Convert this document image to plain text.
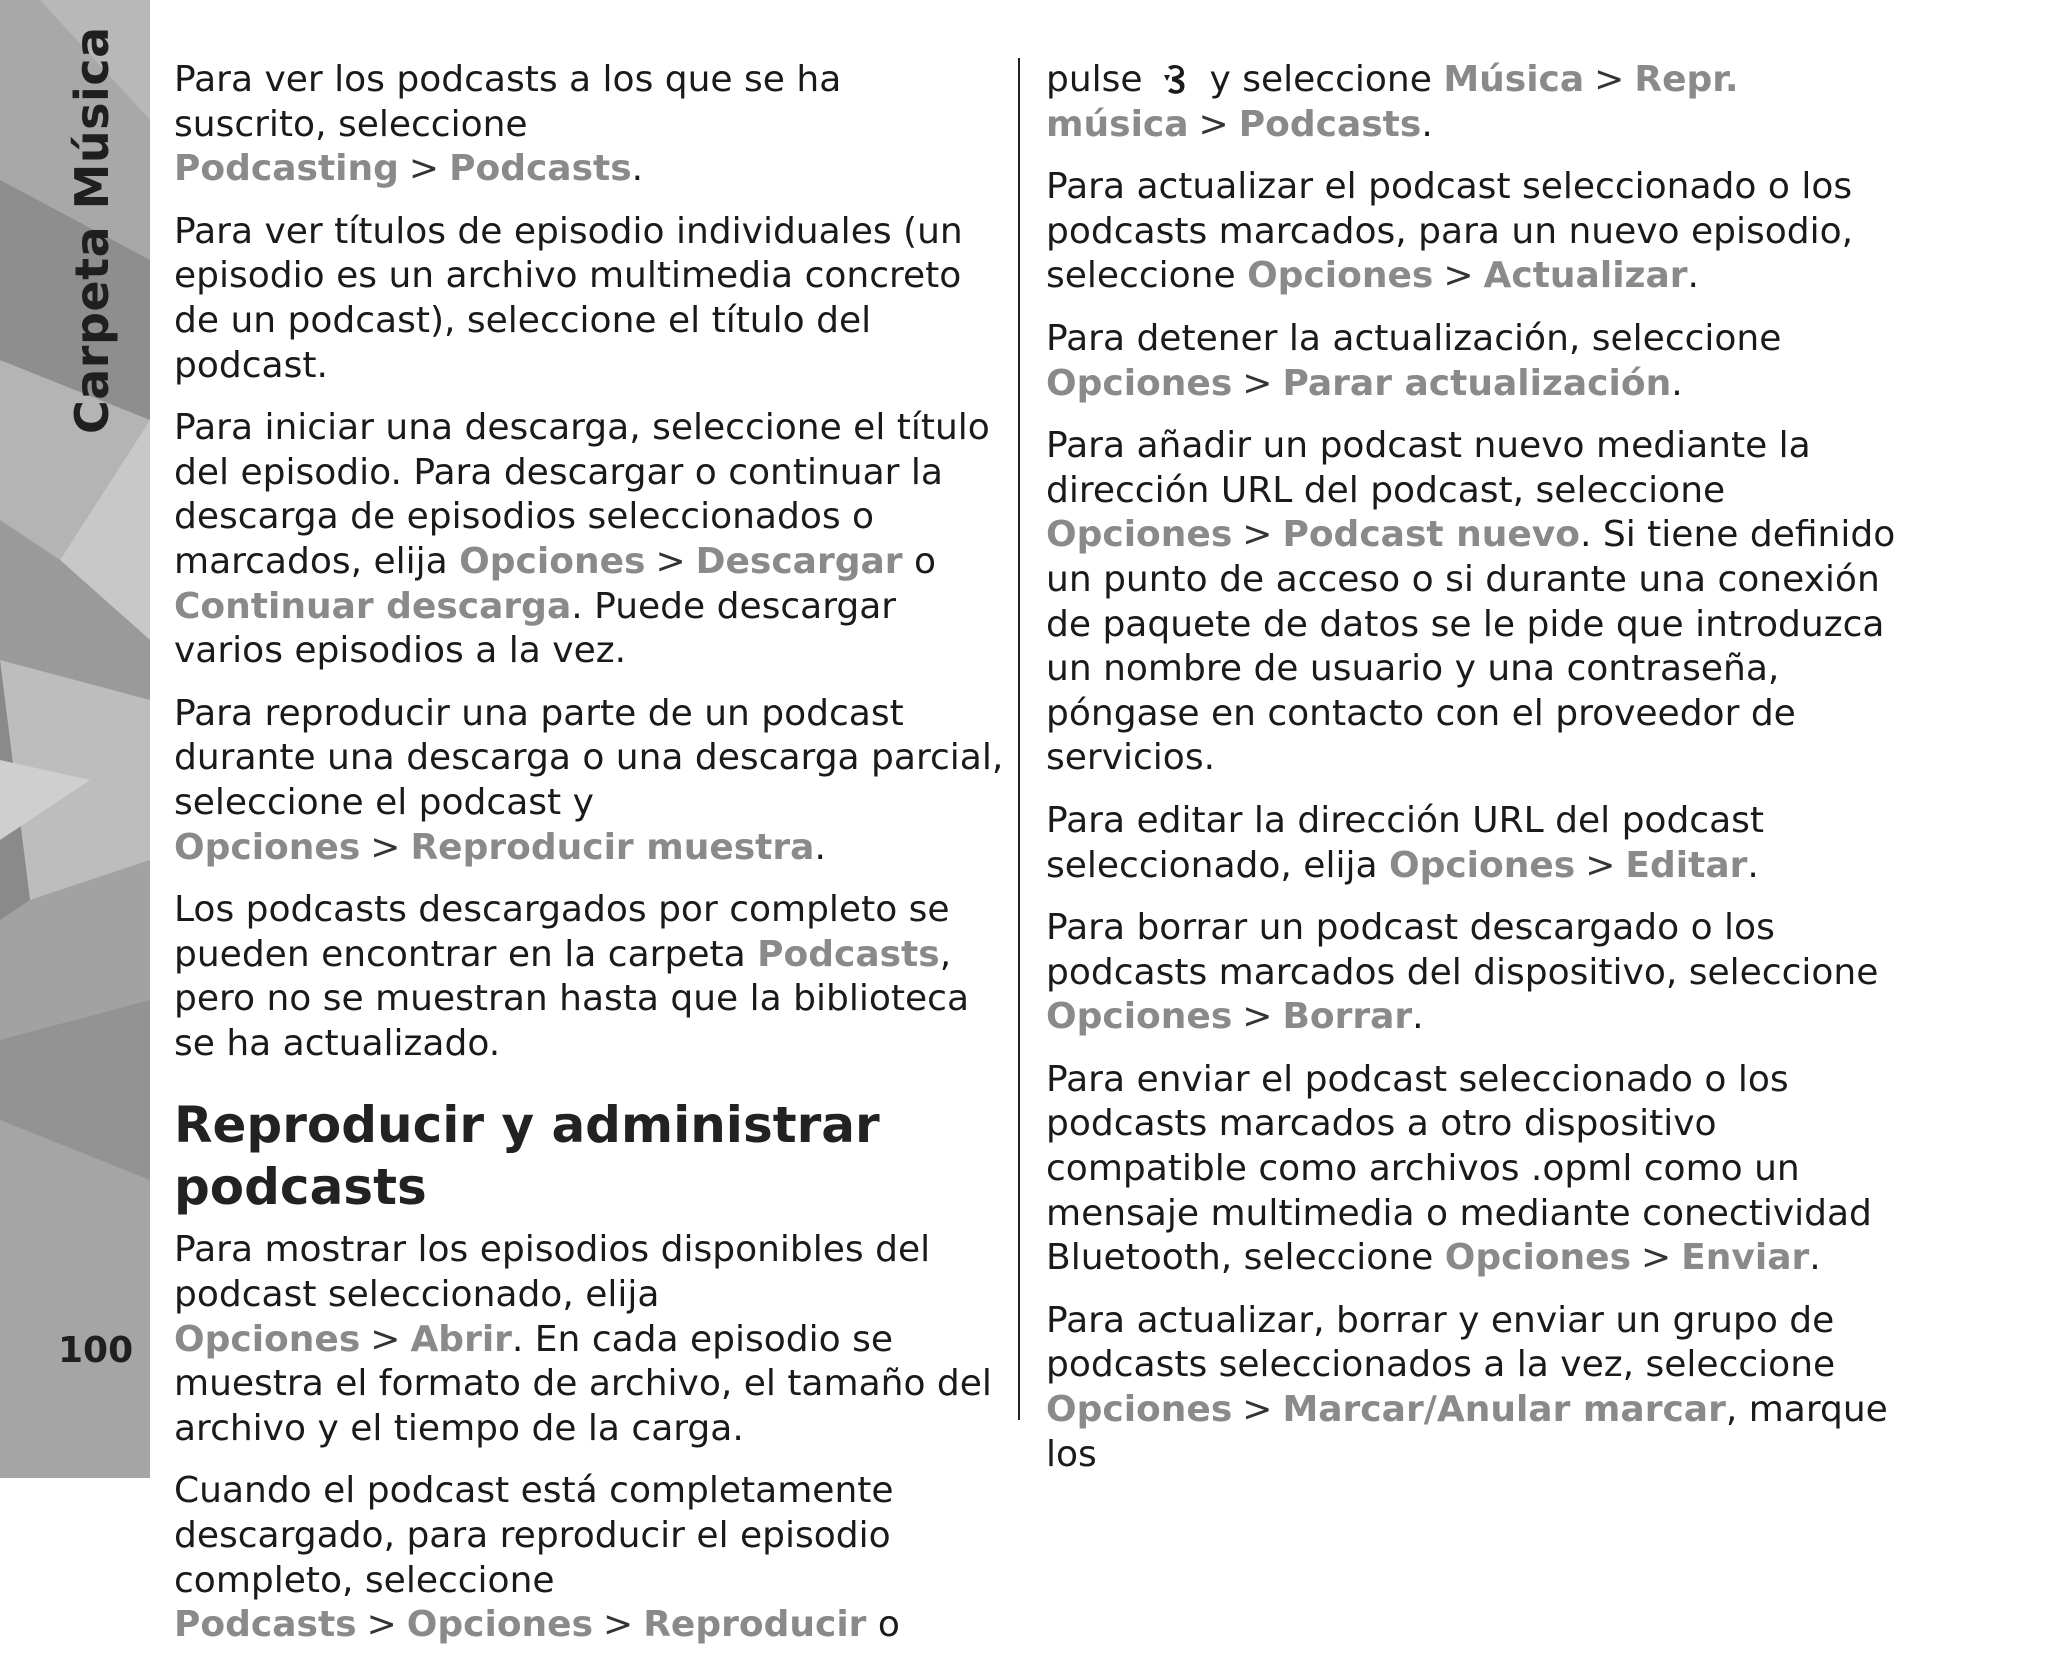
Carpeta Música
100

Para ver los podcasts a los que se ha suscrito, seleccione Podcasting > Podcasts.

Para ver títulos de episodio individuales (un episodio es un archivo multimedia concreto de un podcast), seleccione el título del podcast.

Para iniciar una descarga, seleccione el título del episodio. Para descargar o continuar la descarga de episodios seleccionados o marcados, elija Opciones > Descargar o Continuar descarga. Puede descargar varios episodios a la vez.

Para reproducir una parte de un podcast durante una descarga o una descarga parcial, seleccione el podcast y Opciones > Reproducir muestra.

Los podcasts descargados por completo se pueden encontrar en la carpeta Podcasts, pero no se muestran hasta que la biblioteca se ha actualizado.

Reproducir y administrar podcasts

Para mostrar los episodios disponibles del podcast seleccionado, elija Opciones > Abrir. En cada episodio se muestra el formato de archivo, el tamaño del archivo y el tiempo de la carga.

Cuando el podcast está completamente descargado, para reproducir el episodio completo, seleccione Podcasts > Opciones > Reproducir o

pulse  y seleccione Música > Repr. música > Podcasts.

Para actualizar el podcast seleccionado o los podcasts marcados, para un nuevo episodio, seleccione Opciones > Actualizar.

Para detener la actualización, seleccione Opciones > Parar actualización.

Para añadir un podcast nuevo mediante la dirección URL del podcast, seleccione Opciones > Podcast nuevo. Si tiene definido un punto de acceso o si durante una conexión de paquete de datos se le pide que introduzca un nombre de usuario y una contraseña, póngase en contacto con el proveedor de servicios.

Para editar la dirección URL del podcast seleccionado, elija Opciones > Editar.

Para borrar un podcast descargado o los podcasts marcados del dispositivo, seleccione Opciones > Borrar.

Para enviar el podcast seleccionado o los podcasts marcados a otro dispositivo compatible como archivos .opml como un mensaje multimedia o mediante conectividad Bluetooth, seleccione Opciones > Enviar.

Para actualizar, borrar y enviar un grupo de podcasts seleccionados a la vez, seleccione Opciones > Marcar/Anular marcar, marque los
